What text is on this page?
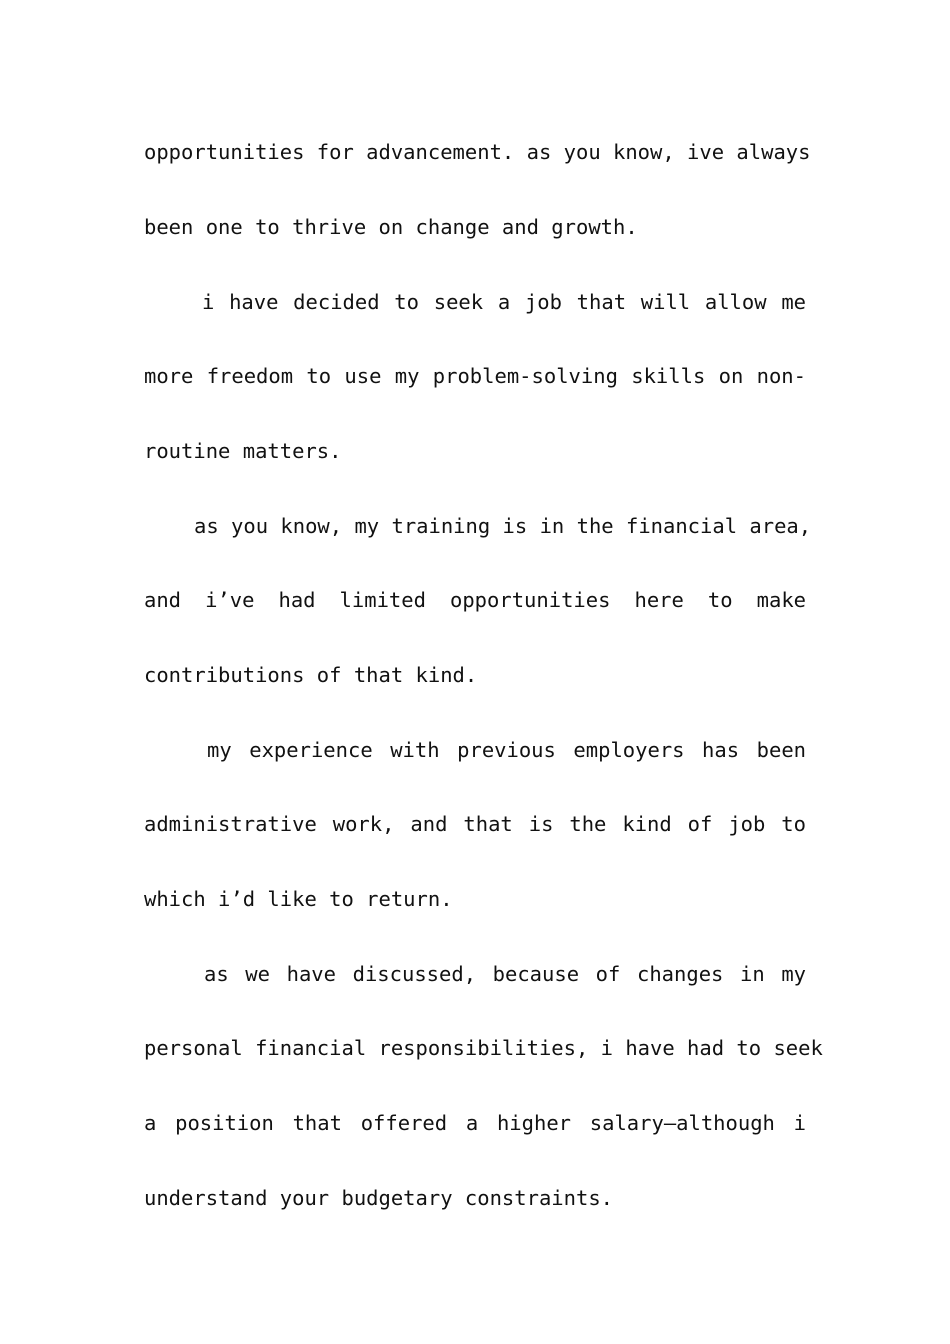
opportunities for advancement. as you know, ive always
been one to thrive on change and growth.
i have decided to seek a job that will allow me
more freedom to use my problem-solving skills on non-
routine matters.
as you know, my training is in the financial area,
and i’ve had limited opportunities here to make
contributions of that kind.
my experience with previous employers has been
administrative work, and that is the kind of job to
which i’d like to return.
as we have discussed, because of changes in my
personal financial responsibilities, i have had to seek
a position that offered a higher salary–although i
understand your budgetary constraints.
